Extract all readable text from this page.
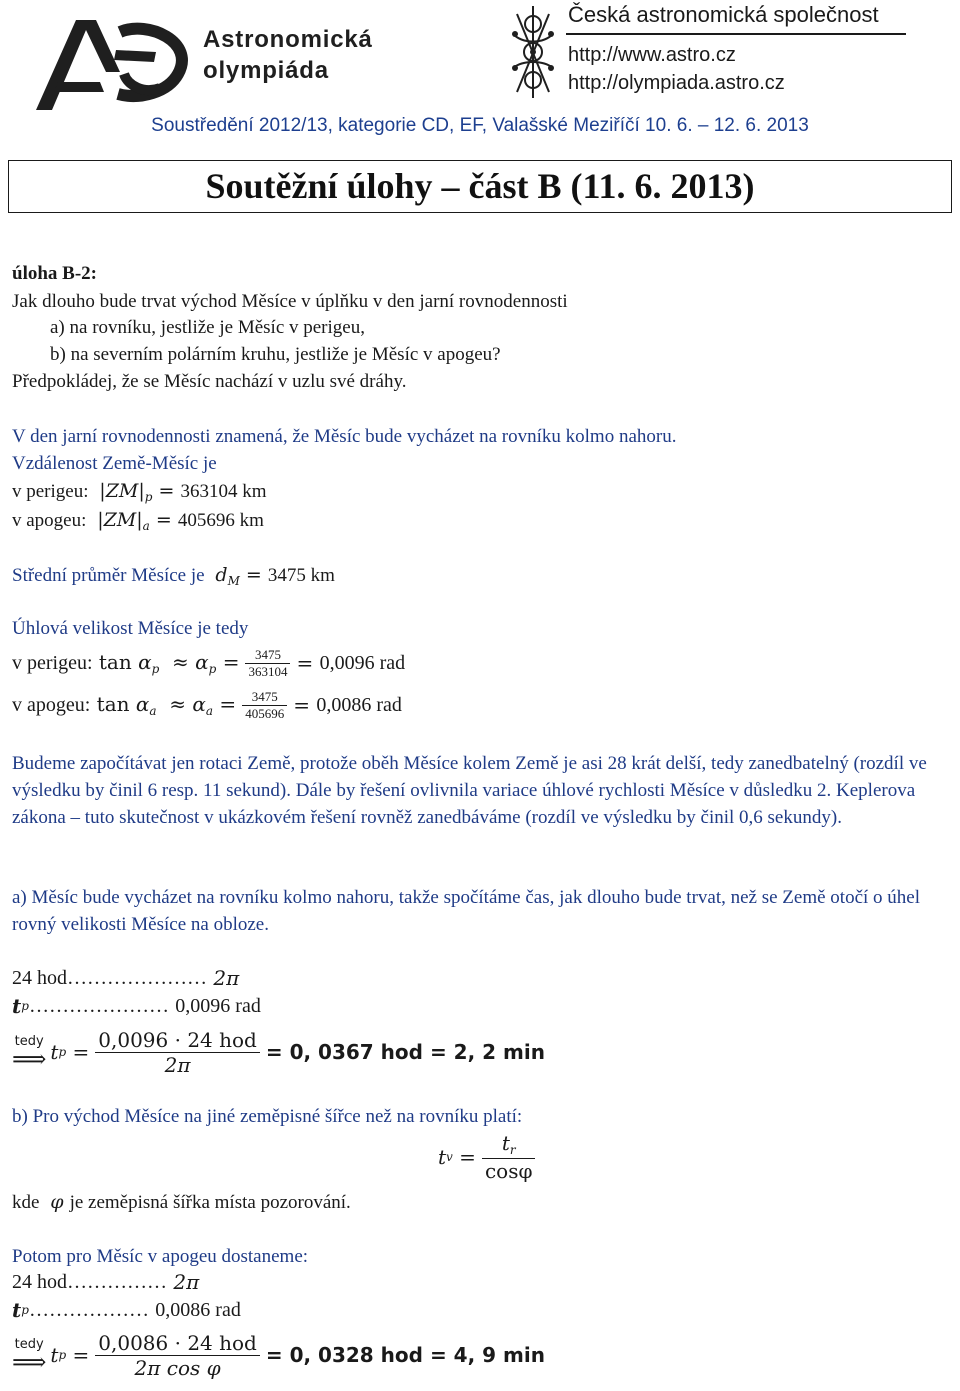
Astronomická
olympiáda
Česká astronomická společnost
http://www.astro.cz
http://olympiada.astro.cz
Soustředění 2012/13, kategorie CD, EF, Valašské Meziříčí 10. 6. – 12. 6. 2013
Soutěžní úlohy – část B (11. 6. 2013)
úloha B-2:
Jak dlouho bude trvat východ Měsíce v úplňku v den jarní rovnodennosti
a) na rovníku, jestliže je Měsíc v perigeu,
b) na severním polárním kruhu, jestliže je Měsíc v apogeu?
Předpokládej, že se Měsíc nachází v uzlu své dráhy.
V den jarní rovnodennosti znamená, že Měsíc bude vycházet na rovníku kolmo nahoru.
Vzdálenost Země-Měsíc je
v perigeu:  $|ZM|_p = 363104$ km
v apogeu:  $|ZM|_a = 405696$ km
Střední průměr Měsíce je $d_M = 3475$ km
Úhlová velikost Měsíce je tedy
v perigeu: $\tan \alpha_p \approx \alpha_p = \frac{3475}{363104} = 0,0096$ rad
v apogeu: $\tan \alpha_a \approx \alpha_a = \frac{3475}{405696} = 0,0086$ rad
Budeme započítávat jen rotaci Země, protože oběh Měsíce kolem Země je asi 28 krát delší, tedy zanedbatelný (rozdíl ve výsledku by činil 6 resp. 11 sekund). Dále by řešení ovlivnila variace úhlové rychlosti Měsíce v důsledku 2. Keplerova zákona – tuto skutečnost v ukázkovém řešení rovněž zanedbáváme (rozdíl ve výsledku by činil 0,6 sekundy).
a) Měsíc bude vycházet na rovníku kolmo nahoru, takže spočítáme čas, jak dlouho bude trvat, než se Země otočí o úhel rovný velikosti Měsíce na obloze.
24 hod …………………
2π
t p …………………
0,0096 rad
tedy
⟹ t $p = \frac{\text{0,0096 · 24 hod}}{2\pi} = 0$, 0367 hod = 2, 2 min
b) Pro východ Měsíce na jiné zeměpisné šířce než na rovníku platí:
t $v = \frac{t_r}{\cos\varphi}$
kde  φ je zeměpisná šířka místa pozorování.
Potom pro Měsíc v apogeu dostaneme:
24 hod ……………
2π
t p ………………
0,0086 rad
tedy
⟹ t $p = \frac{\text{0,0086 · 24 hod}}{\text{2π cos φ}} = 0$, 0328 hod = 4, 9 min
